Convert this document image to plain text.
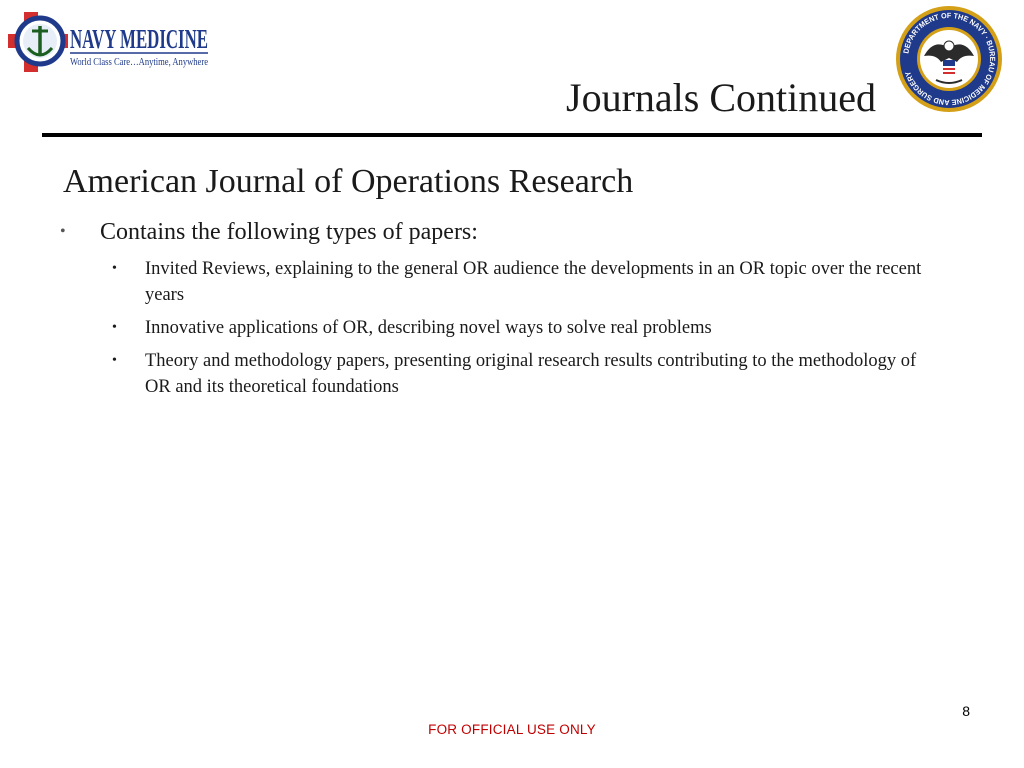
NAVY MEDICINE
World Class Care…Anytime, Anywhere
DEPARTMENT OF THE NAVY · BUREAU OF MEDICINE AND SURGERY
Journals Continued
American Journal of Operations Research
• Contains the following types of papers:
• Invited Reviews, explaining to the general OR audience the developments in an OR topic over the recent years
• Innovative applications of OR, describing novel ways to solve real problems
• Theory and methodology papers, presenting original research results contributing to the methodology of OR and its theoretical foundations
8
FOR OFFICIAL USE ONLY
